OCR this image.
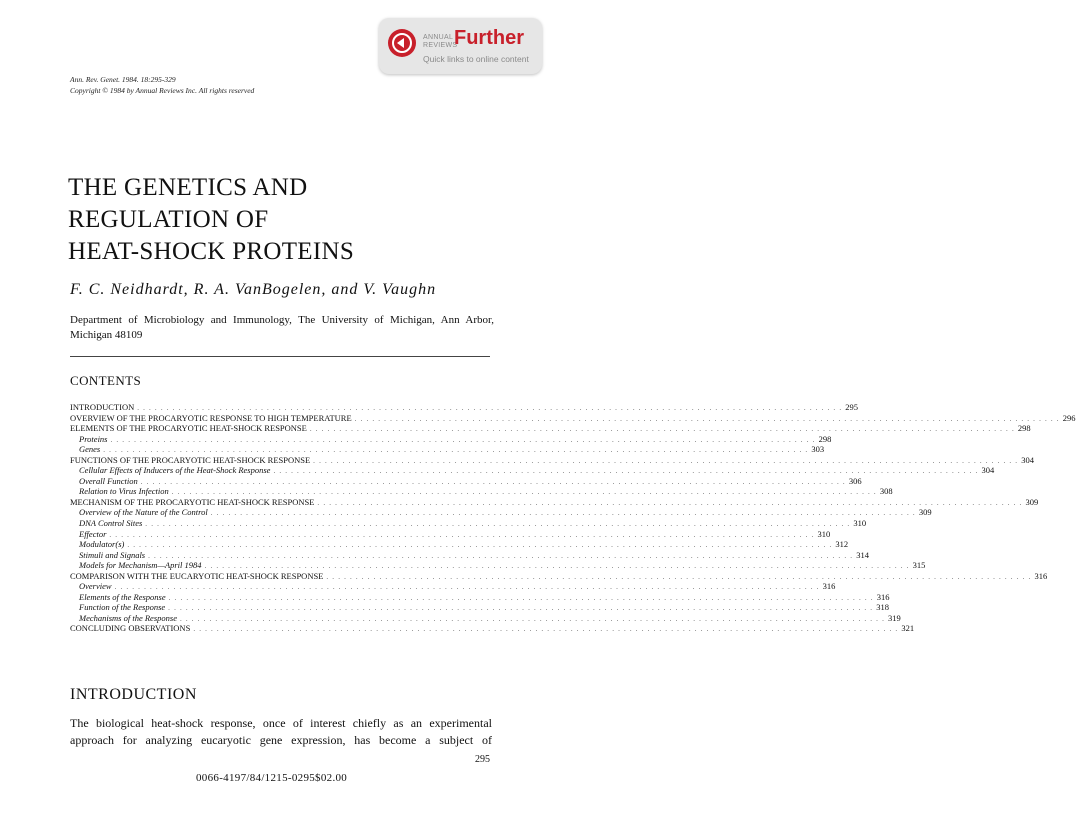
ANNUAL
REVIEWS
Further
Quick links to online content
Ann. Rev. Genet. 1984. 18:295-329
Copyright © 1984 by Annual Reviews Inc. All rights reserved
THE GENETICS AND
REGULATION OF
HEAT-SHOCK PROTEINS
F. C. Neidhardt, R. A. VanBogelen, and V. Vaughn
Department of Microbiology and Immunology, The University of Michigan, Ann Arbor, Michigan 48109
CONTENTS
INTRODUCTION . . . . . . . . . . . . . . . . . . . . . . . . . . . . . . . . . . . . . . . . . . . . . . . . . . . . . . . . . . . . . . . . . . . . . . . . . . . . . . . . . . . . . . . . . . . . . . . . . . . . . . . . . . . . . . . . . . . . . . . . 295
OVERVIEW OF THE PROCARYOTIC RESPONSE TO HIGH TEMPERATURE . . . . . . . . . . . . . . . . . . . . . . . . . . . . . . . . . . . . . . . . . . . . . . . . . . . . . . . . . . . . . . . . . . . . . . . . . . . . . . . . . . . . . . . . . . . . . . . . . . . . . . . . . . . . . . . . . . . . . . . . 296
ELEMENTS OF THE PROCARYOTIC HEAT-SHOCK RESPONSE . . . . . . . . . . . . . . . . . . . . . . . . . . . . . . . . . . . . . . . . . . . . . . . . . . . . . . . . . . . . . . . . . . . . . . . . . . . . . . . . . . . . . . . . . . . . . . . . . . . . . . . . . . . . . . . . . . . . . . . . 298
Proteins . . . . . . . . . . . . . . . . . . . . . . . . . . . . . . . . . . . . . . . . . . . . . . . . . . . . . . . . . . . . . . . . . . . . . . . . . . . . . . . . . . . . . . . . . . . . . . . . . . . . . . . . . . . . . . . . . . . . . . . . 298
Genes . . . . . . . . . . . . . . . . . . . . . . . . . . . . . . . . . . . . . . . . . . . . . . . . . . . . . . . . . . . . . . . . . . . . . . . . . . . . . . . . . . . . . . . . . . . . . . . . . . . . . . . . . . . . . . . . . . . . . . . . 303
FUNCTIONS OF THE PROCARYOTIC HEAT-SHOCK RESPONSE . . . . . . . . . . . . . . . . . . . . . . . . . . . . . . . . . . . . . . . . . . . . . . . . . . . . . . . . . . . . . . . . . . . . . . . . . . . . . . . . . . . . . . . . . . . . . . . . . . . . . . . . . . . . . . . . . . . . . . . . 304
Cellular Effects of Inducers of the Heat-Shock Response . . . . . . . . . . . . . . . . . . . . . . . . . . . . . . . . . . . . . . . . . . . . . . . . . . . . . . . . . . . . . . . . . . . . . . . . . . . . . . . . . . . . . . . . . . . . . . . . . . . . . . . . . . . . . . . . . . . . . . . . 304
Overall Function . . . . . . . . . . . . . . . . . . . . . . . . . . . . . . . . . . . . . . . . . . . . . . . . . . . . . . . . . . . . . . . . . . . . . . . . . . . . . . . . . . . . . . . . . . . . . . . . . . . . . . . . . . . . . . . . . . . . . . . . 306
Relation to Virus Infection . . . . . . . . . . . . . . . . . . . . . . . . . . . . . . . . . . . . . . . . . . . . . . . . . . . . . . . . . . . . . . . . . . . . . . . . . . . . . . . . . . . . . . . . . . . . . . . . . . . . . . . . . . . . . . . . . . . . . . . . 308
MECHANISM OF THE PROCARYOTIC HEAT-SHOCK RESPONSE . . . . . . . . . . . . . . . . . . . . . . . . . . . . . . . . . . . . . . . . . . . . . . . . . . . . . . . . . . . . . . . . . . . . . . . . . . . . . . . . . . . . . . . . . . . . . . . . . . . . . . . . . . . . . . . . . . . . . . . . 309
Overview of the Nature of the Control . . . . . . . . . . . . . . . . . . . . . . . . . . . . . . . . . . . . . . . . . . . . . . . . . . . . . . . . . . . . . . . . . . . . . . . . . . . . . . . . . . . . . . . . . . . . . . . . . . . . . . . . . . . . . . . . . . . . . . . . 309
DNA Control Sites . . . . . . . . . . . . . . . . . . . . . . . . . . . . . . . . . . . . . . . . . . . . . . . . . . . . . . . . . . . . . . . . . . . . . . . . . . . . . . . . . . . . . . . . . . . . . . . . . . . . . . . . . . . . . . . . . . . . . . . . 310
Effector . . . . . . . . . . . . . . . . . . . . . . . . . . . . . . . . . . . . . . . . . . . . . . . . . . . . . . . . . . . . . . . . . . . . . . . . . . . . . . . . . . . . . . . . . . . . . . . . . . . . . . . . . . . . . . . . . . . . . . . . 310
Modulator(s) . . . . . . . . . . . . . . . . . . . . . . . . . . . . . . . . . . . . . . . . . . . . . . . . . . . . . . . . . . . . . . . . . . . . . . . . . . . . . . . . . . . . . . . . . . . . . . . . . . . . . . . . . . . . . . . . . . . . . . . . 312
Stimuli and Signals . . . . . . . . . . . . . . . . . . . . . . . . . . . . . . . . . . . . . . . . . . . . . . . . . . . . . . . . . . . . . . . . . . . . . . . . . . . . . . . . . . . . . . . . . . . . . . . . . . . . . . . . . . . . . . . . . . . . . . . . 314
Models for Mechanism—April 1984 . . . . . . . . . . . . . . . . . . . . . . . . . . . . . . . . . . . . . . . . . . . . . . . . . . . . . . . . . . . . . . . . . . . . . . . . . . . . . . . . . . . . . . . . . . . . . . . . . . . . . . . . . . . . . . . . . . . . . . . . 315
COMPARISON WITH THE EUCARYOTIC HEAT-SHOCK RESPONSE . . . . . . . . . . . . . . . . . . . . . . . . . . . . . . . . . . . . . . . . . . . . . . . . . . . . . . . . . . . . . . . . . . . . . . . . . . . . . . . . . . . . . . . . . . . . . . . . . . . . . . . . . . . . . . . . . . . . . . . . 316
Overview . . . . . . . . . . . . . . . . . . . . . . . . . . . . . . . . . . . . . . . . . . . . . . . . . . . . . . . . . . . . . . . . . . . . . . . . . . . . . . . . . . . . . . . . . . . . . . . . . . . . . . . . . . . . . . . . . . . . . . . . 316
Elements of the Response . . . . . . . . . . . . . . . . . . . . . . . . . . . . . . . . . . . . . . . . . . . . . . . . . . . . . . . . . . . . . . . . . . . . . . . . . . . . . . . . . . . . . . . . . . . . . . . . . . . . . . . . . . . . . . . . . . . . . . . . 316
Function of the Response . . . . . . . . . . . . . . . . . . . . . . . . . . . . . . . . . . . . . . . . . . . . . . . . . . . . . . . . . . . . . . . . . . . . . . . . . . . . . . . . . . . . . . . . . . . . . . . . . . . . . . . . . . . . . . . . . . . . . . . . 318
Mechanisms of the Response . . . . . . . . . . . . . . . . . . . . . . . . . . . . . . . . . . . . . . . . . . . . . . . . . . . . . . . . . . . . . . . . . . . . . . . . . . . . . . . . . . . . . . . . . . . . . . . . . . . . . . . . . . . . . . . . . . . . . . . . 319
CONCLUDING OBSERVATIONS . . . . . . . . . . . . . . . . . . . . . . . . . . . . . . . . . . . . . . . . . . . . . . . . . . . . . . . . . . . . . . . . . . . . . . . . . . . . . . . . . . . . . . . . . . . . . . . . . . . . . . . . . . . . . . . . . . . . . . . . 321
INTRODUCTION
The biological heat-shock response, once of interest chiefly as an experimental
approach for analyzing eucaryotic gene expression, has become a subject of
295
0066-4197/84/1215-0295$02.00
